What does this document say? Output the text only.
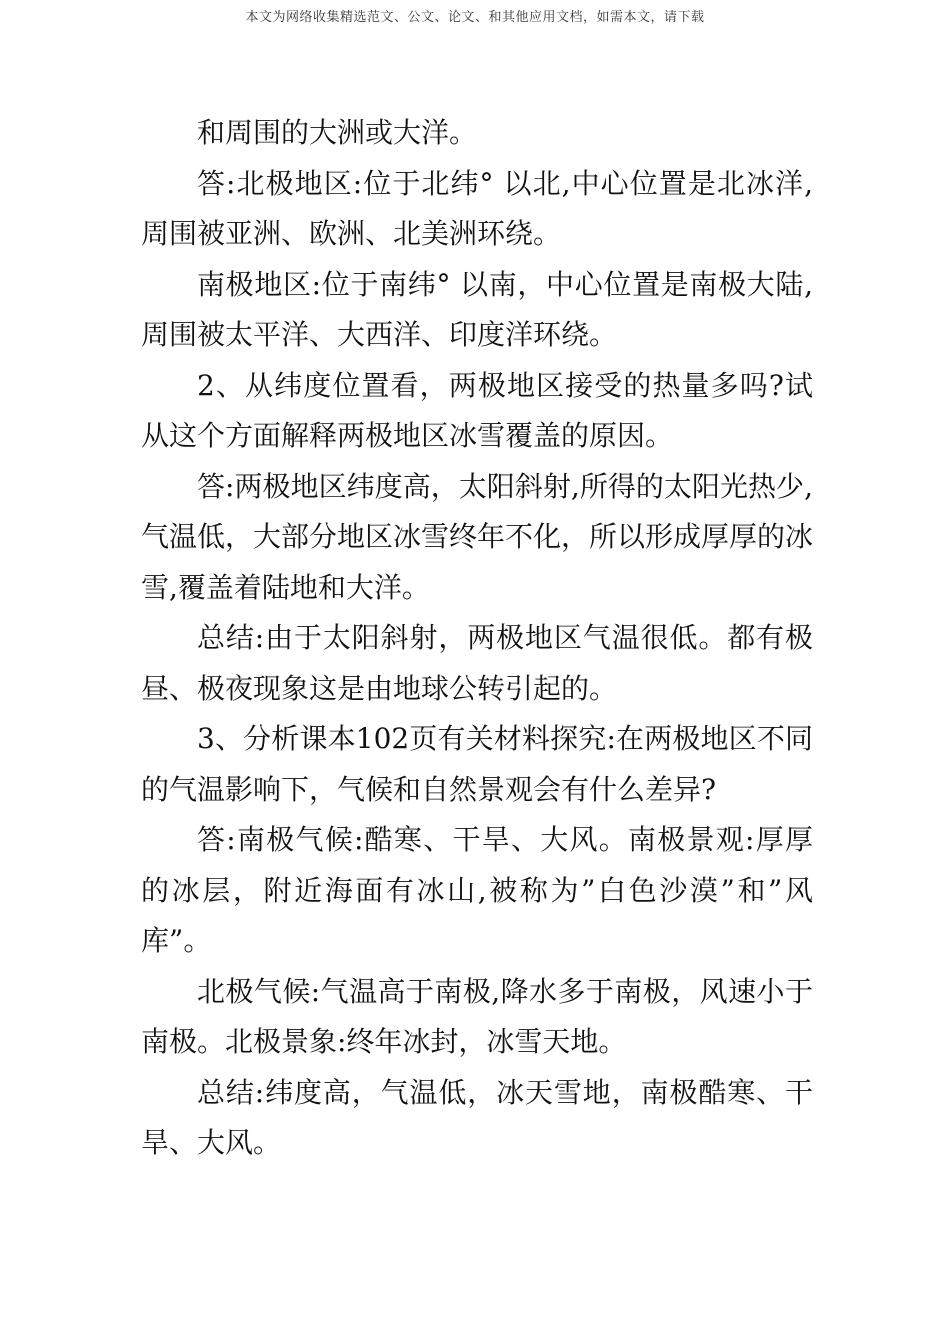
本文为网络收集精选范文、公文、论文、和其他应用文档，如需本文，请下载

和周围的大洲或大洋。

答:北极地区:位于北纬° 以北,中心位置是北冰洋,周围被亚洲、欧洲、北美洲环绕。

南极地区:位于南纬° 以南，中心位置是南极大陆,周围被太平洋、大西洋、印度洋环绕。

2、从纬度位置看，两极地区接受的热量多吗?试从这个方面解释两极地区冰雪覆盖的原因。

答:两极地区纬度高，太阳斜射,所得的太阳光热少,气温低，大部分地区冰雪终年不化，所以形成厚厚的冰雪,覆盖着陆地和大洋。

总结:由于太阳斜射，两极地区气温很低。都有极昼、极夜现象这是由地球公转引起的。

3、分析课本102页有关材料探究:在两极地区不同的气温影响下，气候和自然景观会有什么差异?

答:南极气候:酷寒、干旱、大风。南极景观:厚厚的冰层，附近海面有冰山,被称为”白色沙漠”和”风库”。

北极气候:气温高于南极,降水多于南极，风速小于南极。北极景象:终年冰封，冰雪天地。

总结:纬度高，气温低，冰天雪地，南极酷寒、干旱、大风。
